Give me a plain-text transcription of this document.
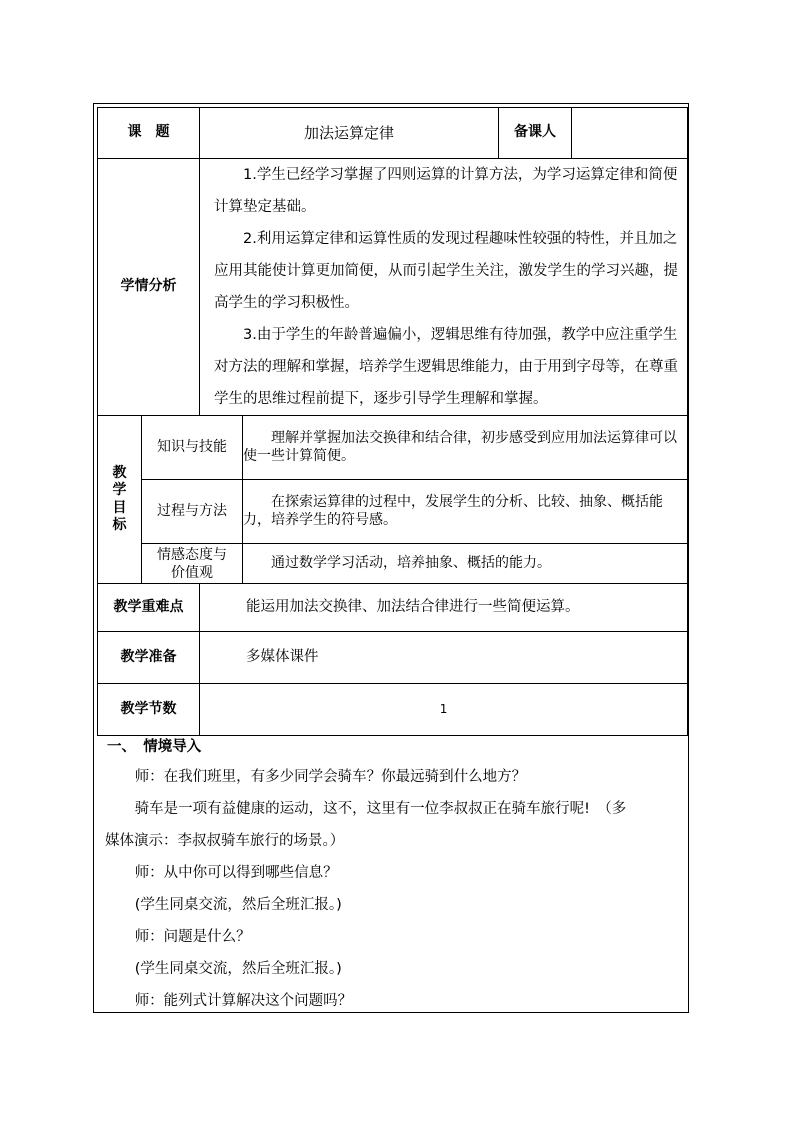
课　题		加法运算定律		备课人	
学情分析		1.学生已经学习掌握了四则运算的计算方法，为学习运算定律和简便计算垫定基础。

2.利用运算定律和运算性质的发现过程趣味性较强的特性，并且加之应用其能使计算更加简便，从而引起学生关注，激发学生的学习兴趣，提高学生的学习积极性。

3.由于学生的年龄普遍偏小，逻辑思维有待加强，教学中应注重学生对方法的理解和掌握，培养学生逻辑思维能力，由于用到字母等，在尊重学生的思维过程前提下，逐步引导学生理解和掌握。			

教
学
目
标	知识与技能		理解并掌握加法交换律和结合律，初步感受到应用加法运算律可以使一些计算简便。		
	过程与方法		在探索运算律的过程中，发展学生的分析、比较、抽象、概括能力，培养学生的符号感。		

	情感态度与
价值观		通过数学学习活动，培养抽象、概括的能力。		
教学重难点		能运用加法交换律、加法结合律进行一些简便运算。			
教学准备		多媒体课件			
教学节数		1			

一、　情境导入

师：在我们班里，有多少同学会骑车？你最远骑到什么地方？

骑车是一项有益健康的运动，这不，这里有一位李叔叔正在骑车旅行呢!　（多

媒体演示：李叔叔骑车旅行的场景。）

师：从中你可以得到哪些信息？

(学生同桌交流，然后全班汇报。)

师：问题是什么？

(学生同桌交流，然后全班汇报。)

师：能列式计算解决这个问题吗？
